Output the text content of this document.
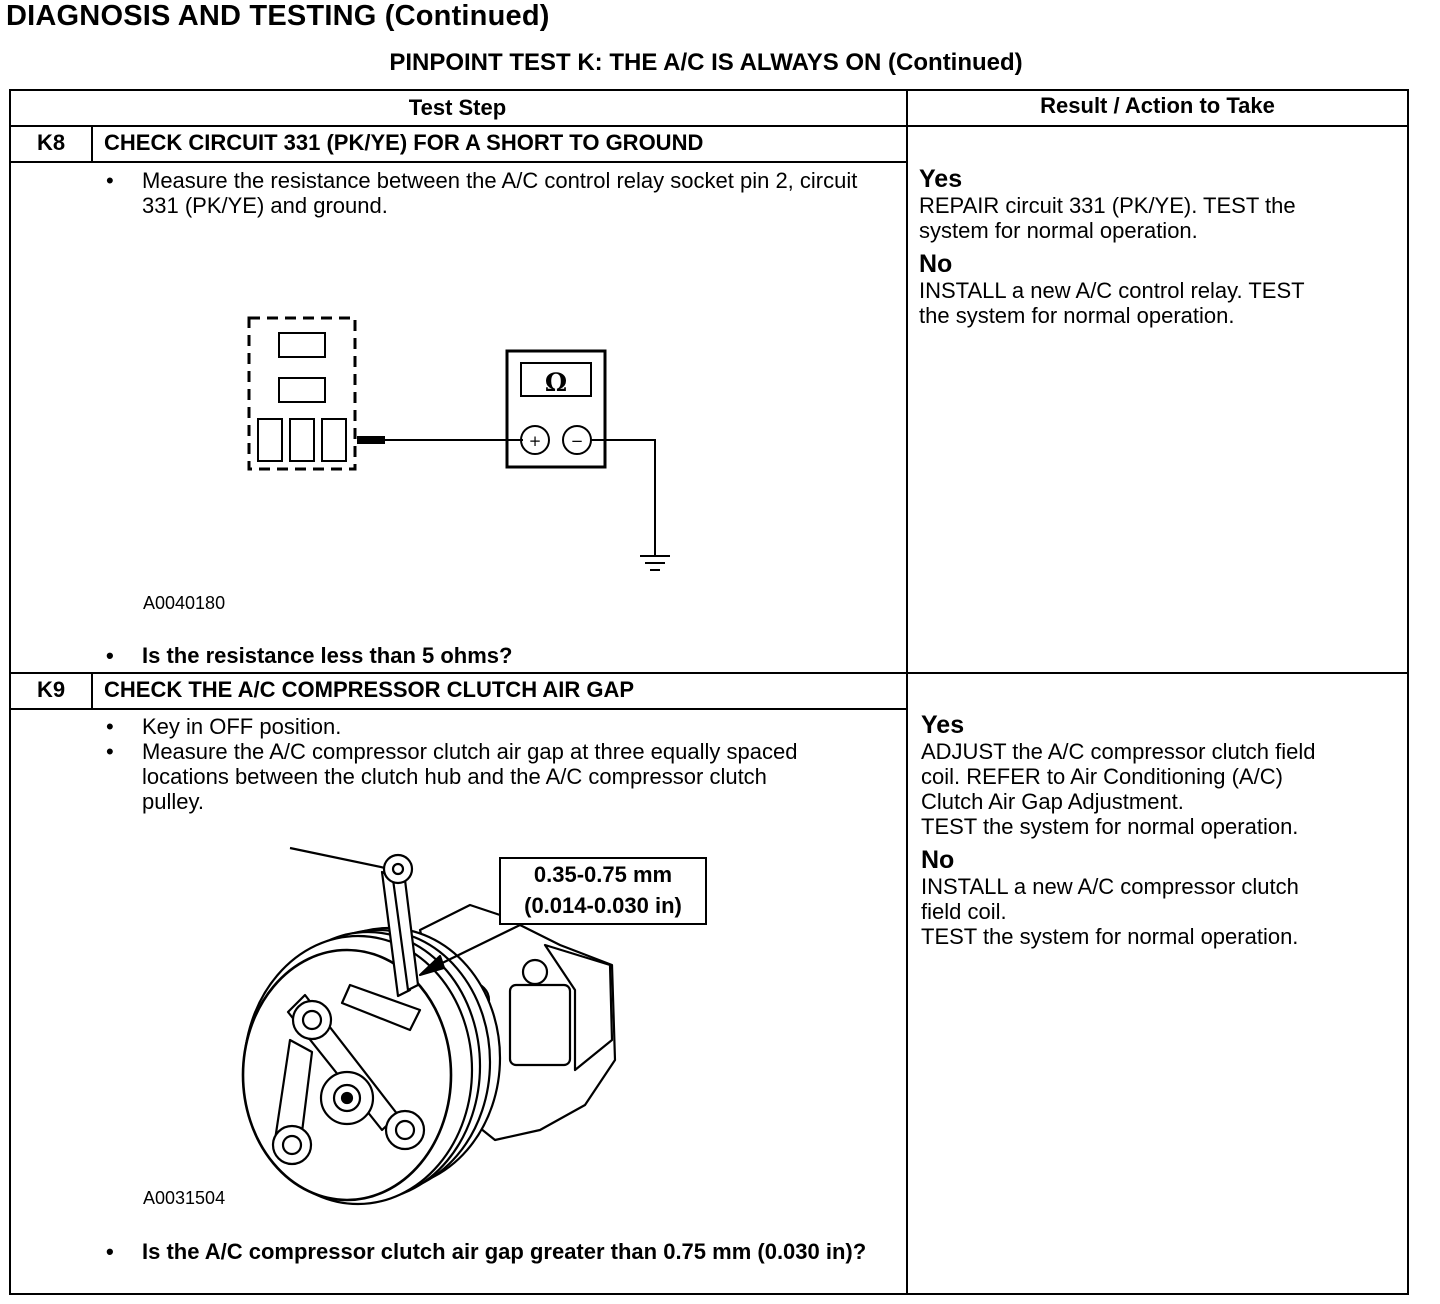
DIAGNOSIS AND TESTING (Continued)
PINPOINT TEST K: THE A/C IS ALWAYS ON (Continued)
Test Step	Result / Action to Take
K8	CHECK CIRCUIT 331 (PK/YE) FOR A SHORT TO GROUND
• Measure the resistance between the A/C control relay socket pin 2, circuit 331 (PK/YE) and ground.
Ω
+ −
A0040180
• Is the resistance less than 5 ohms?
Yes
REPAIR circuit 331 (PK/YE). TEST the
system for normal operation.
No
INSTALL a new A/C control relay. TEST
the system for normal operation.
K9	CHECK THE A/C COMPRESSOR CLUTCH AIR GAP
• Key in OFF position.
• Measure the A/C compressor clutch air gap at three equally spaced locations between the clutch hub and the A/C compressor clutch pulley.
0.35-0.75 mm
(0.014-0.030 in)
A0031504
• Is the A/C compressor clutch air gap greater than 0.75 mm (0.030 in)?
Yes
ADJUST the A/C compressor clutch field
coil. REFER to Air Conditioning (A/C)
Clutch Air Gap Adjustment.
TEST the system for normal operation.
No
INSTALL a new A/C compressor clutch
field coil.
TEST the system for normal operation.
